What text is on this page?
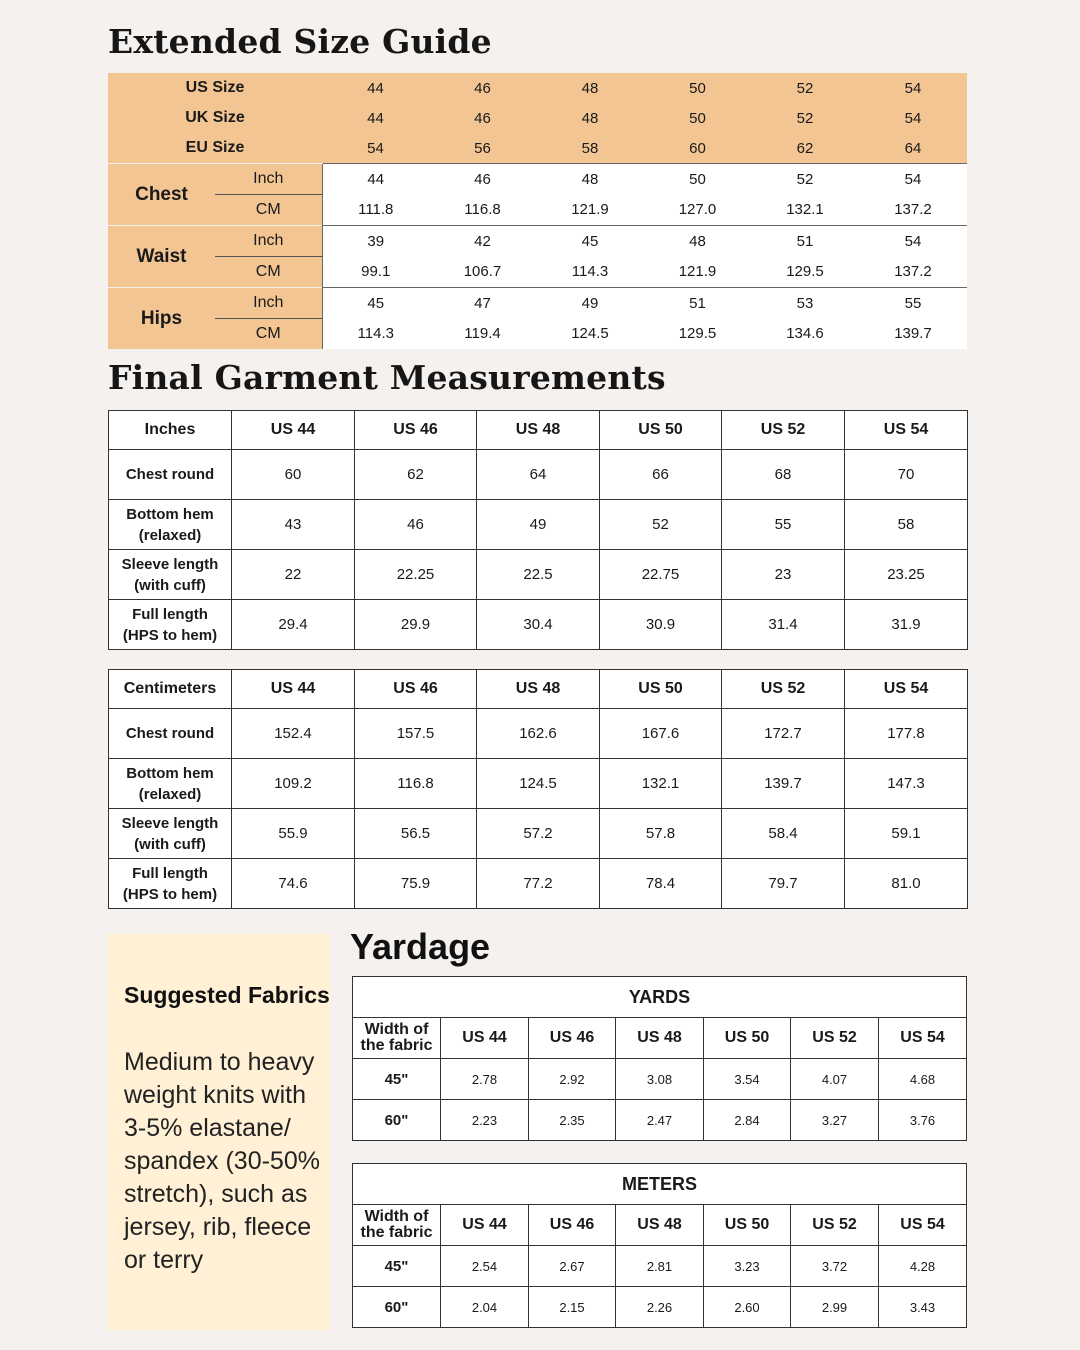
Extended Size Guide
US Size		44	46	48	50	52	54
UK Size		44	46	48	50	52	54
EU Size		54	56	58	60	62	64
Chest	Inch	44	46	48	50	52	54
	CM	111.8	116.8	121.9	127.0	132.1	137.2
Waist	Inch	39	42	45	48	51	54
	CM	99.1	106.7	114.3	121.9	129.5	137.2
Hips	Inch	45	47	49	51	53	55
	CM	114.3	119.4	124.5	129.5	134.6	139.7
Final Garment Measurements
Inches	US 44	US 46	US 48	US 50	US 52	US 54
Chest round	60	62	64	66	68	70
Bottom hem
(relaxed)	43	46	49	52	55	58
Sleeve length
(with cuff)	22	22.25	22.5	22.75	23	23.25
Full length
(HPS to hem)	29.4	29.9	30.4	30.9	31.4	31.9
Centimeters	US 44	US 46	US 48	US 50	US 52	US 54
Chest round	152.4	157.5	162.6	167.6	172.7	177.8
Bottom hem
(relaxed)	109.2	116.8	124.5	132.1	139.7	147.3
Sleeve length
(with cuff)	55.9	56.5	57.2	57.8	58.4	59.1
Full length
(HPS to hem)	74.6	75.9	77.2	78.4	79.7	81.0

Suggested Fabrics

Medium to heavy weight knits with 3-5% elastane/ spandex (30-50% stretch), such as jersey, rib, fleece or terry

Yardage
YARDS						
Width of
the fabric	US 44	US 46	US 48	US 50	US 52	US 54
45"	2.78	2.92	3.08	3.54	4.07	4.68
60"	2.23	2.35	2.47	2.84	3.27	3.76
METERS						
Width of
the fabric	US 44	US 46	US 48	US 50	US 52	US 54
45"	2.54	2.67	2.81	3.23	3.72	4.28
60"	2.04	2.15	2.26	2.60	2.99	3.43
